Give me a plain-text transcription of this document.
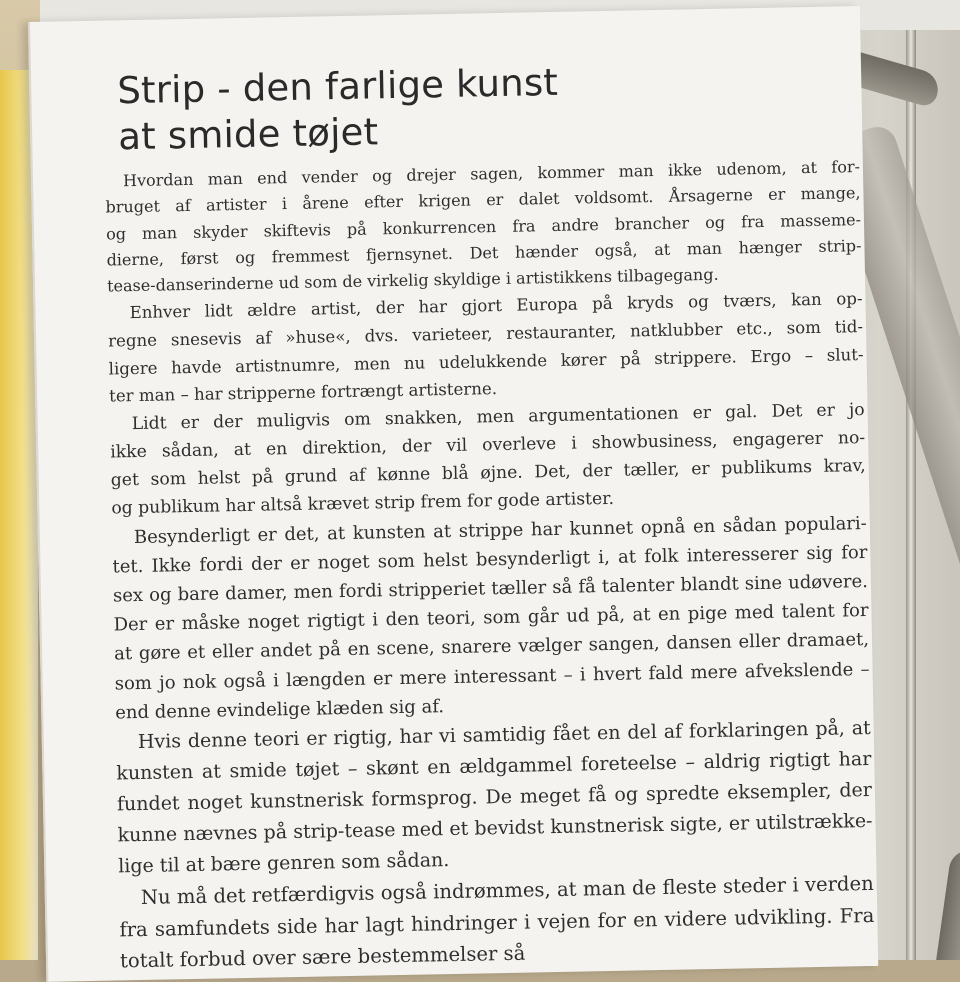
Strip - den farlige kunst
at smide tøjet
Hvordan man end vender og drejer sagen, kommer man ikke udenom, at for-
bruget af artister i årene efter krigen er dalet voldsomt. Årsagerne er mange,
og man skyder skiftevis på konkurrencen fra andre brancher og fra masseme-
dierne, først og fremmest fjernsynet. Det hænder også, at man hænger strip-
tease-danserinderne ud som de virkelig skyldige i artistikkens tilbagegang.
Enhver lidt ældre artist, der har gjort Europa på kryds og tværs, kan op-
regne snesevis af »huse«, dvs. varieteer, restauranter, natklubber etc., som tid-
ligere havde artistnumre, men nu udelukkende kører på strippere. Ergo – slut-
ter man – har stripperne fortrængt artisterne.
Lidt er der muligvis om snakken, men argumentationen er gal. Det er jo
ikke sådan, at en direktion, der vil overleve i showbusiness, engagerer no-
get som helst på grund af kønne blå øjne. Det, der tæller, er publikums krav,
og publikum har altså krævet strip frem for gode artister.
Besynderligt er det, at kunsten at strippe har kunnet opnå en sådan populari-
tet. Ikke fordi der er noget som helst besynderligt i, at folk interesserer sig for
sex og bare damer, men fordi stripperiet tæller så få talenter blandt sine udøvere.
Der er måske noget rigtigt i den teori, som går ud på, at en pige med talent for
at gøre et eller andet på en scene, snarere vælger sangen, dansen eller dramaet,
som jo nok også i længden er mere interessant – i hvert fald mere afvekslende –
end denne evindelige klæden sig af.
Hvis denne teori er rigtig, har vi samtidig fået en del af forklaringen på, at
kunsten at smide tøjet – skønt en ældgammel foreteelse – aldrig rigtigt har
fundet noget kunstnerisk formsprog. De meget få og spredte eksempler, der
kunne nævnes på strip-tease med et bevidst kunstnerisk sigte, er utilstrække-
lige til at bære genren som sådan.
Nu må det retfærdigvis også indrømmes, at man de fleste steder i verden
fra samfundets side har lagt hindringer i vejen for en videre udvikling. Fra
totalt forbud over sære bestemmelser så
